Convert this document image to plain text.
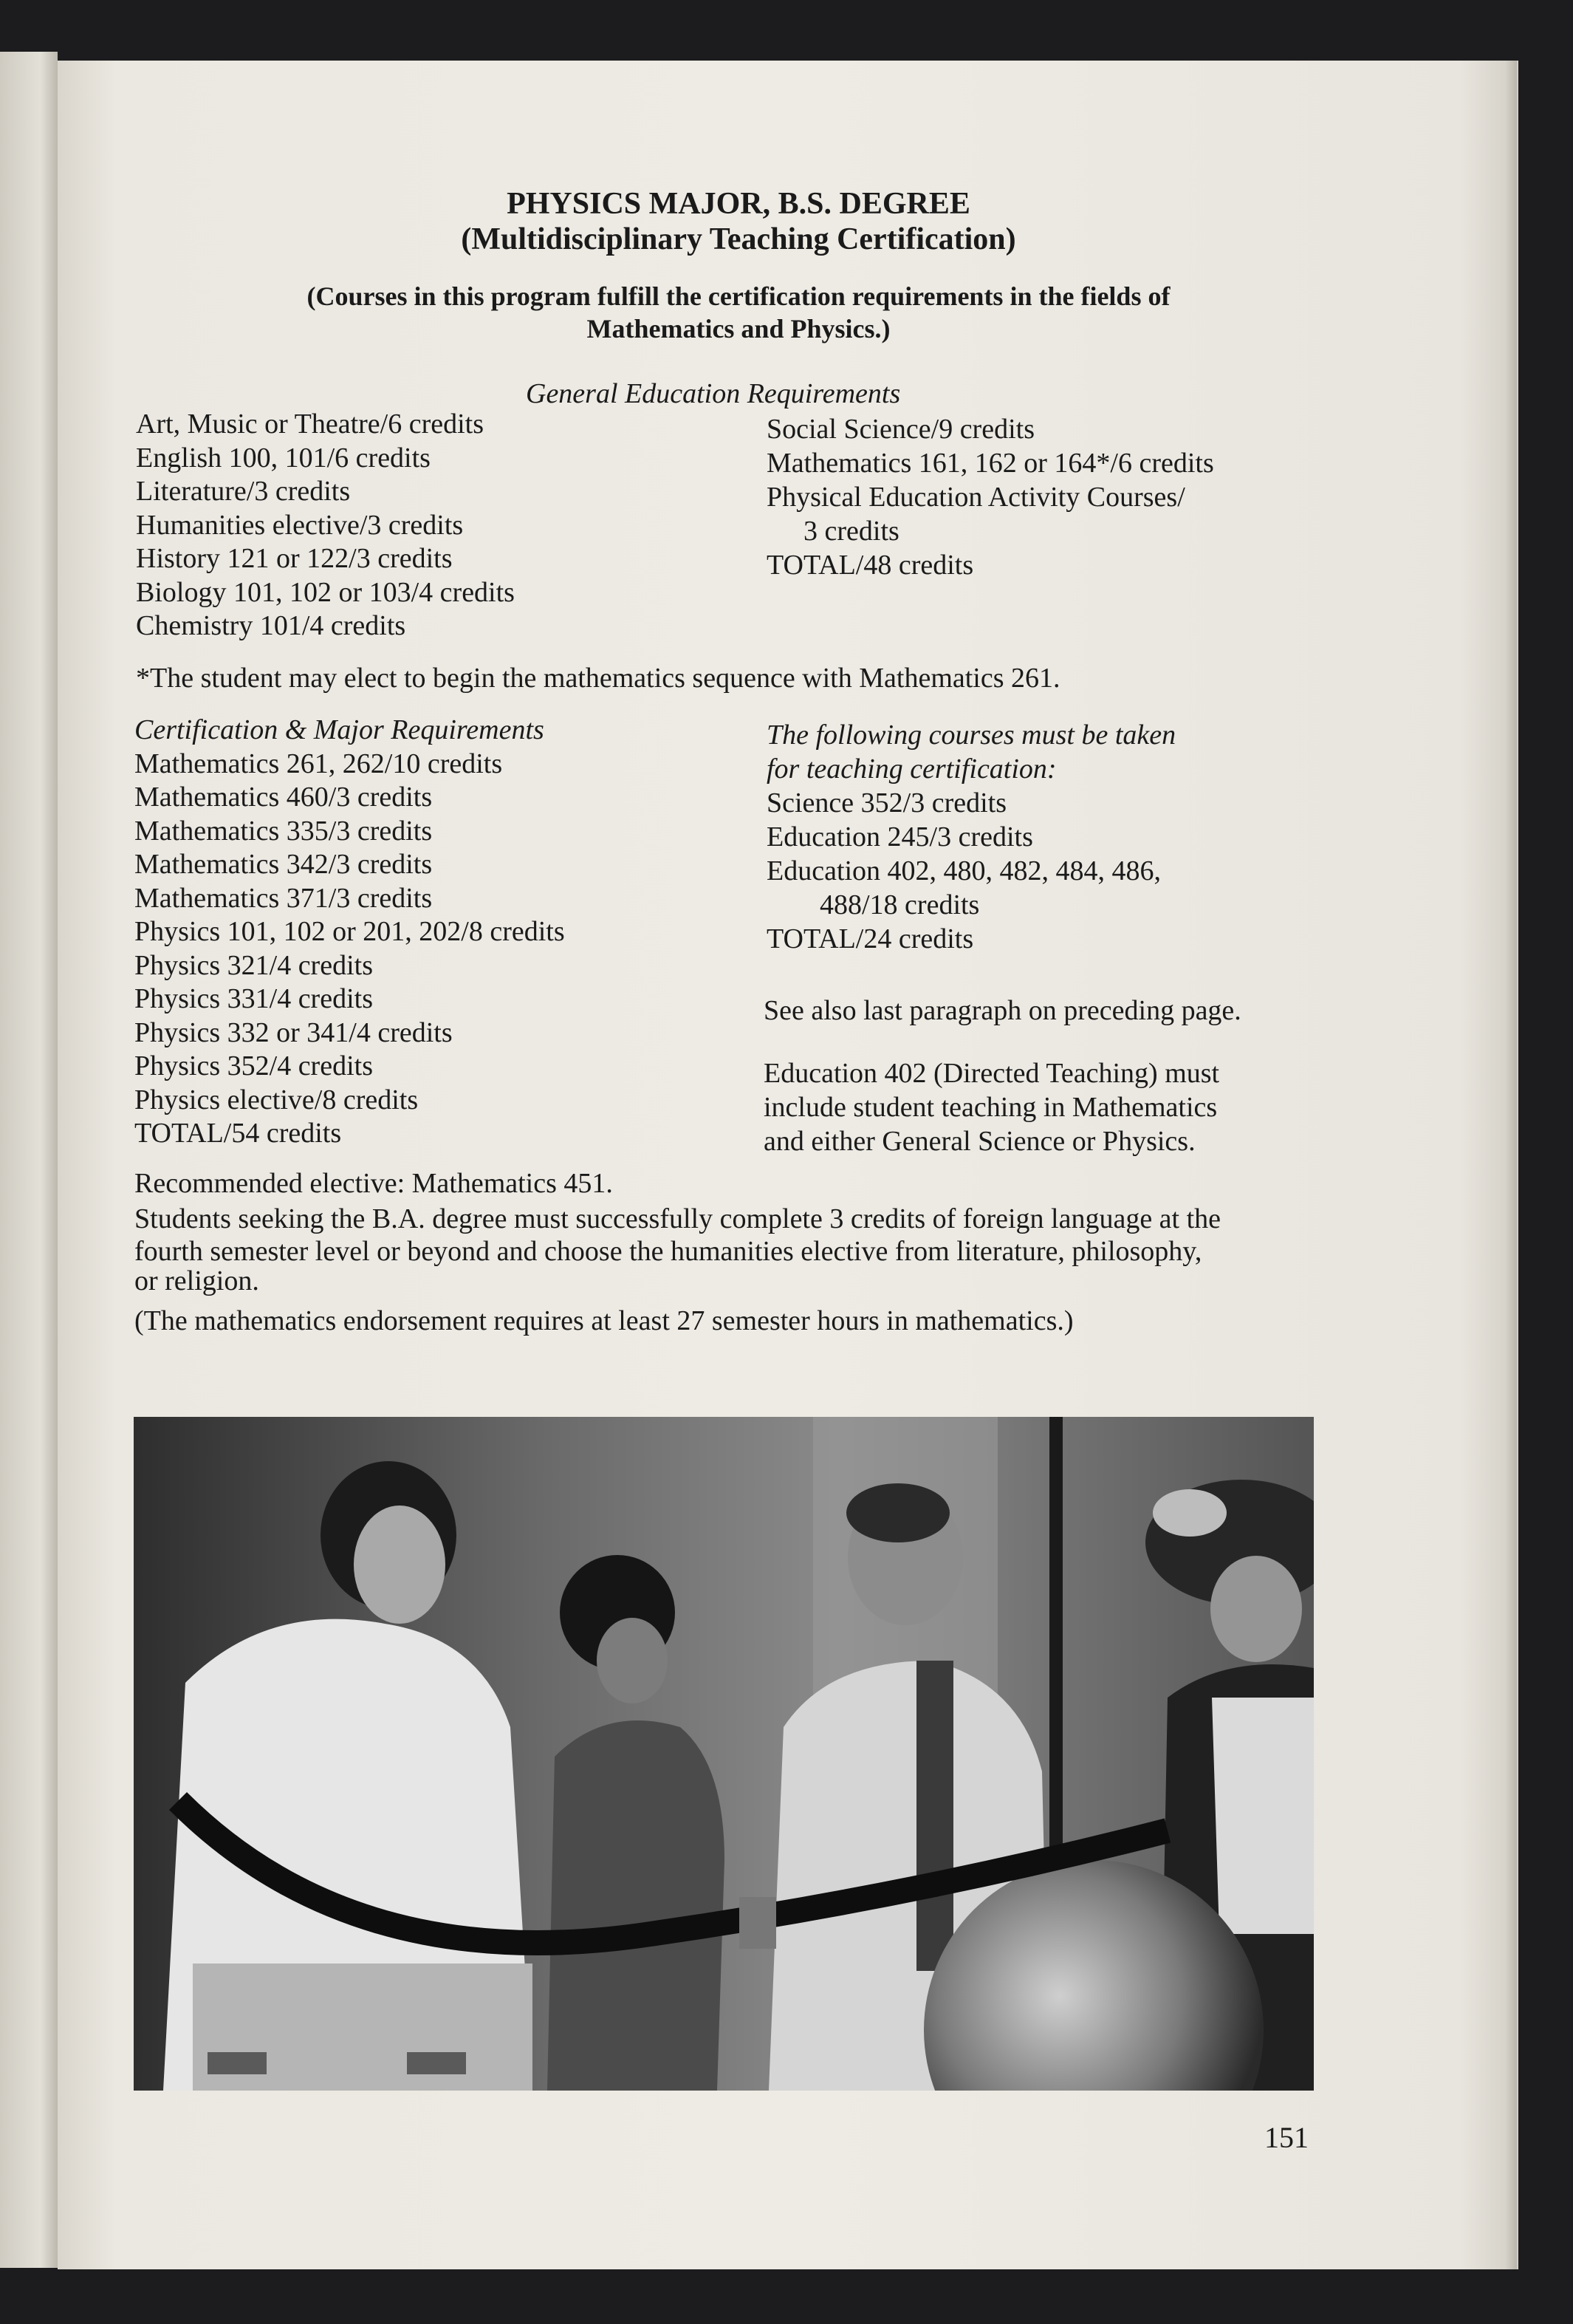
PHYSICS MAJOR, B.S. DEGREE
(Multidisciplinary Teaching Certification)
(Courses in this program fulfill the certification requirements in the fields of
Mathematics and Physics.)
General Education Requirements
Art, Music or Theatre/6 credits
English 100, 101/6 credits
Literature/3 credits
Humanities elective/3 credits
History 121 or 122/3 credits
Biology 101, 102 or 103/4 credits
Chemistry 101/4 credits
Social Science/9 credits
Mathematics 161, 162 or 164*/6 credits
Physical Education Activity Courses/
3 credits
TOTAL/48 credits
*The student may elect to begin the mathematics sequence with Mathematics 261.
Certification & Major Requirements
Mathematics 261, 262/10 credits
Mathematics 460/3 credits
Mathematics 335/3 credits
Mathematics 342/3 credits
Mathematics 371/3 credits
Physics 101, 102 or 201, 202/8 credits
Physics 321/4 credits
Physics 331/4 credits
Physics 332 or 341/4 credits
Physics 352/4 credits
Physics elective/8 credits
TOTAL/54 credits
The following courses must be taken
for teaching certification:
Science 352/3 credits
Education 245/3 credits
Education 402, 480, 482, 484, 486,
488/18 credits
TOTAL/24 credits
See also last paragraph on preceding page.
Education 402 (Directed Teaching) must
include student teaching in Mathematics
and either General Science or Physics.
Recommended elective: Mathematics 451.
Students seeking the B.A. degree must successfully complete 3 credits of foreign language at the
fourth semester level or beyond and choose the humanities elective from literature, philosophy,
or religion.
(The mathematics endorsement requires at least 27 semester hours in mathematics.)
151
